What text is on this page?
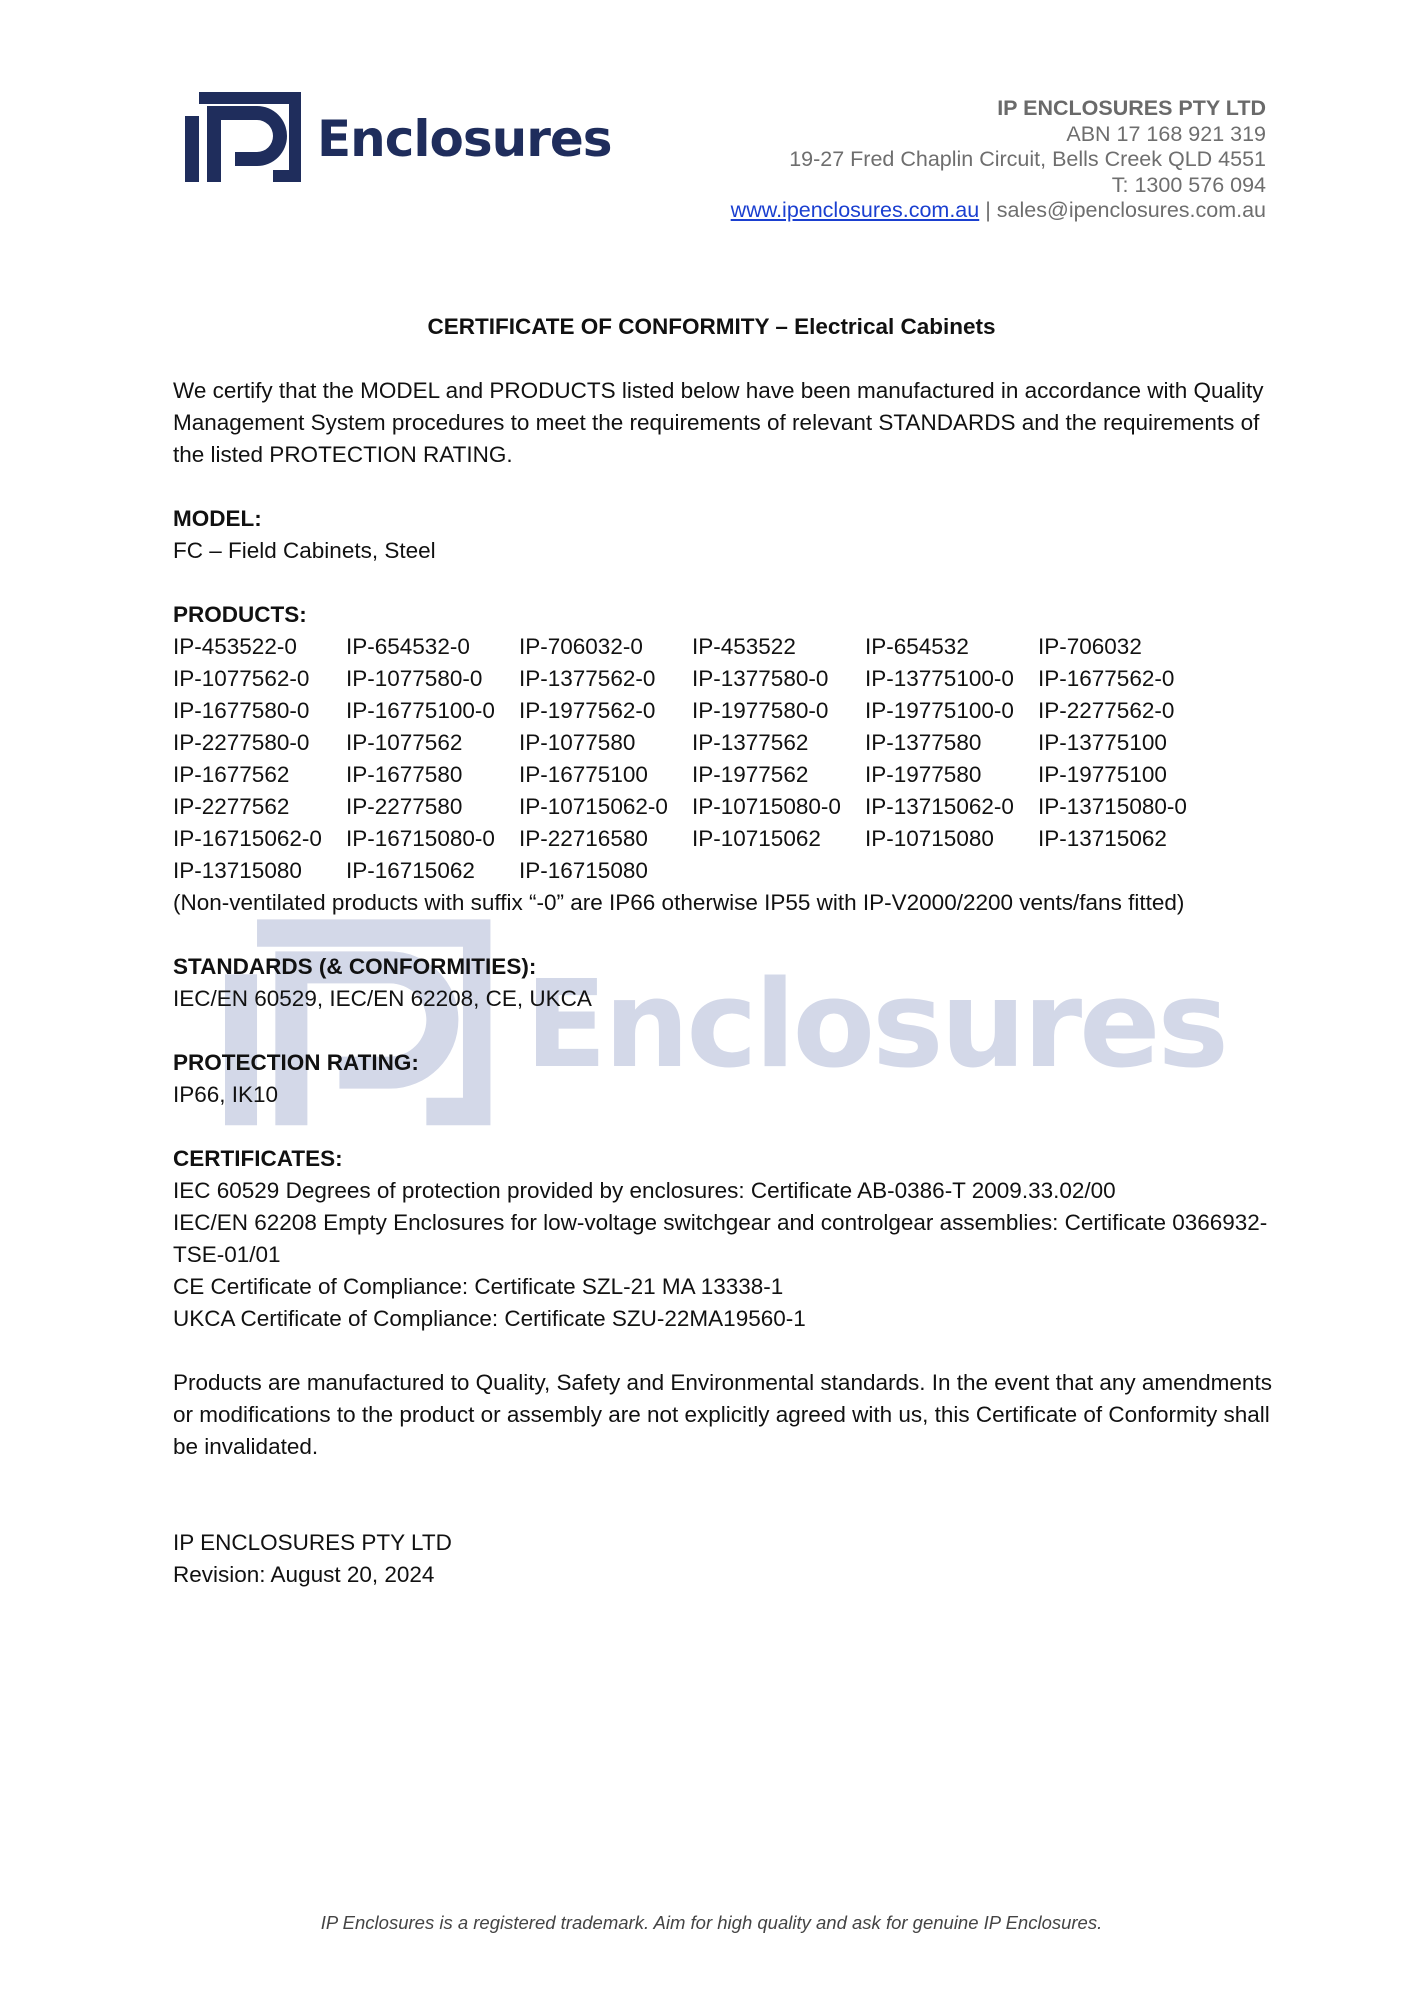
Enclosures
IP ENCLOSURES PTY LTD
ABN 17 168 921 319
19-27 Fred Chaplin Circuit, Bells Creek QLD 4551
T: 1300 576 094
www.ipenclosures.com.au | sales@ipenclosures.com.au
Enclosures
CERTIFICATE OF CONFORMITY – Electrical Cabinets

We certify that the MODEL and PRODUCTS listed below have been manufactured in accordance with Quality Management System procedures to meet the requirements of relevant STANDARDS and the requirements of the listed PROTECTION RATING.

MODEL:

FC – Field Cabinets, Steel

PRODUCTS:

IP-453522-0	IP-654532-0	IP-706032-0	IP-453522	IP-654532	IP-706032
IP-1077562-0	IP-1077580-0	IP-1377562-0	IP-1377580-0	IP-13775100-0	IP-1677562-0
IP-1677580-0	IP-16775100-0	IP-1977562-0	IP-1977580-0	IP-19775100-0	IP-2277562-0
IP-2277580-0	IP-1077562	IP-1077580	IP-1377562	IP-1377580	IP-13775100
IP-1677562	IP-1677580	IP-16775100	IP-1977562	IP-1977580	IP-19775100
IP-2277562	IP-2277580	IP-10715062-0	IP-10715080-0	IP-13715062-0	IP-13715080-0
IP-16715062-0	IP-16715080-0	IP-22716580	IP-10715062	IP-10715080	IP-13715062
IP-13715080	IP-16715062	IP-16715080

(Non-ventilated products with suffix “-0” are IP66 otherwise IP55 with IP-V2000/2200 vents/fans fitted)

STANDARDS (& CONFORMITIES):

IEC/EN 60529, IEC/EN 62208, CE, UKCA

PROTECTION RATING:

IP66, IK10

CERTIFICATES:

IEC 60529 Degrees of protection provided by enclosures: Certificate AB-0386-T 2009.33.02/00

IEC/EN 62208 Empty Enclosures for low-voltage switchgear and controlgear assemblies: Certificate 0366932-TSE-01/01

CE Certificate of Compliance: Certificate SZL-21 MA 13338-1

UKCA Certificate of Compliance: Certificate SZU-22MA19560-1

Products are manufactured to Quality, Safety and Environmental standards. In the event that any amendments or modifications to the product or assembly are not explicitly agreed with us, this Certificate of Conformity shall be invalidated.

IP ENCLOSURES PTY LTD

Revision: August 20, 2024

IP Enclosures is a registered trademark. Aim for high quality and ask for genuine IP Enclosures.
